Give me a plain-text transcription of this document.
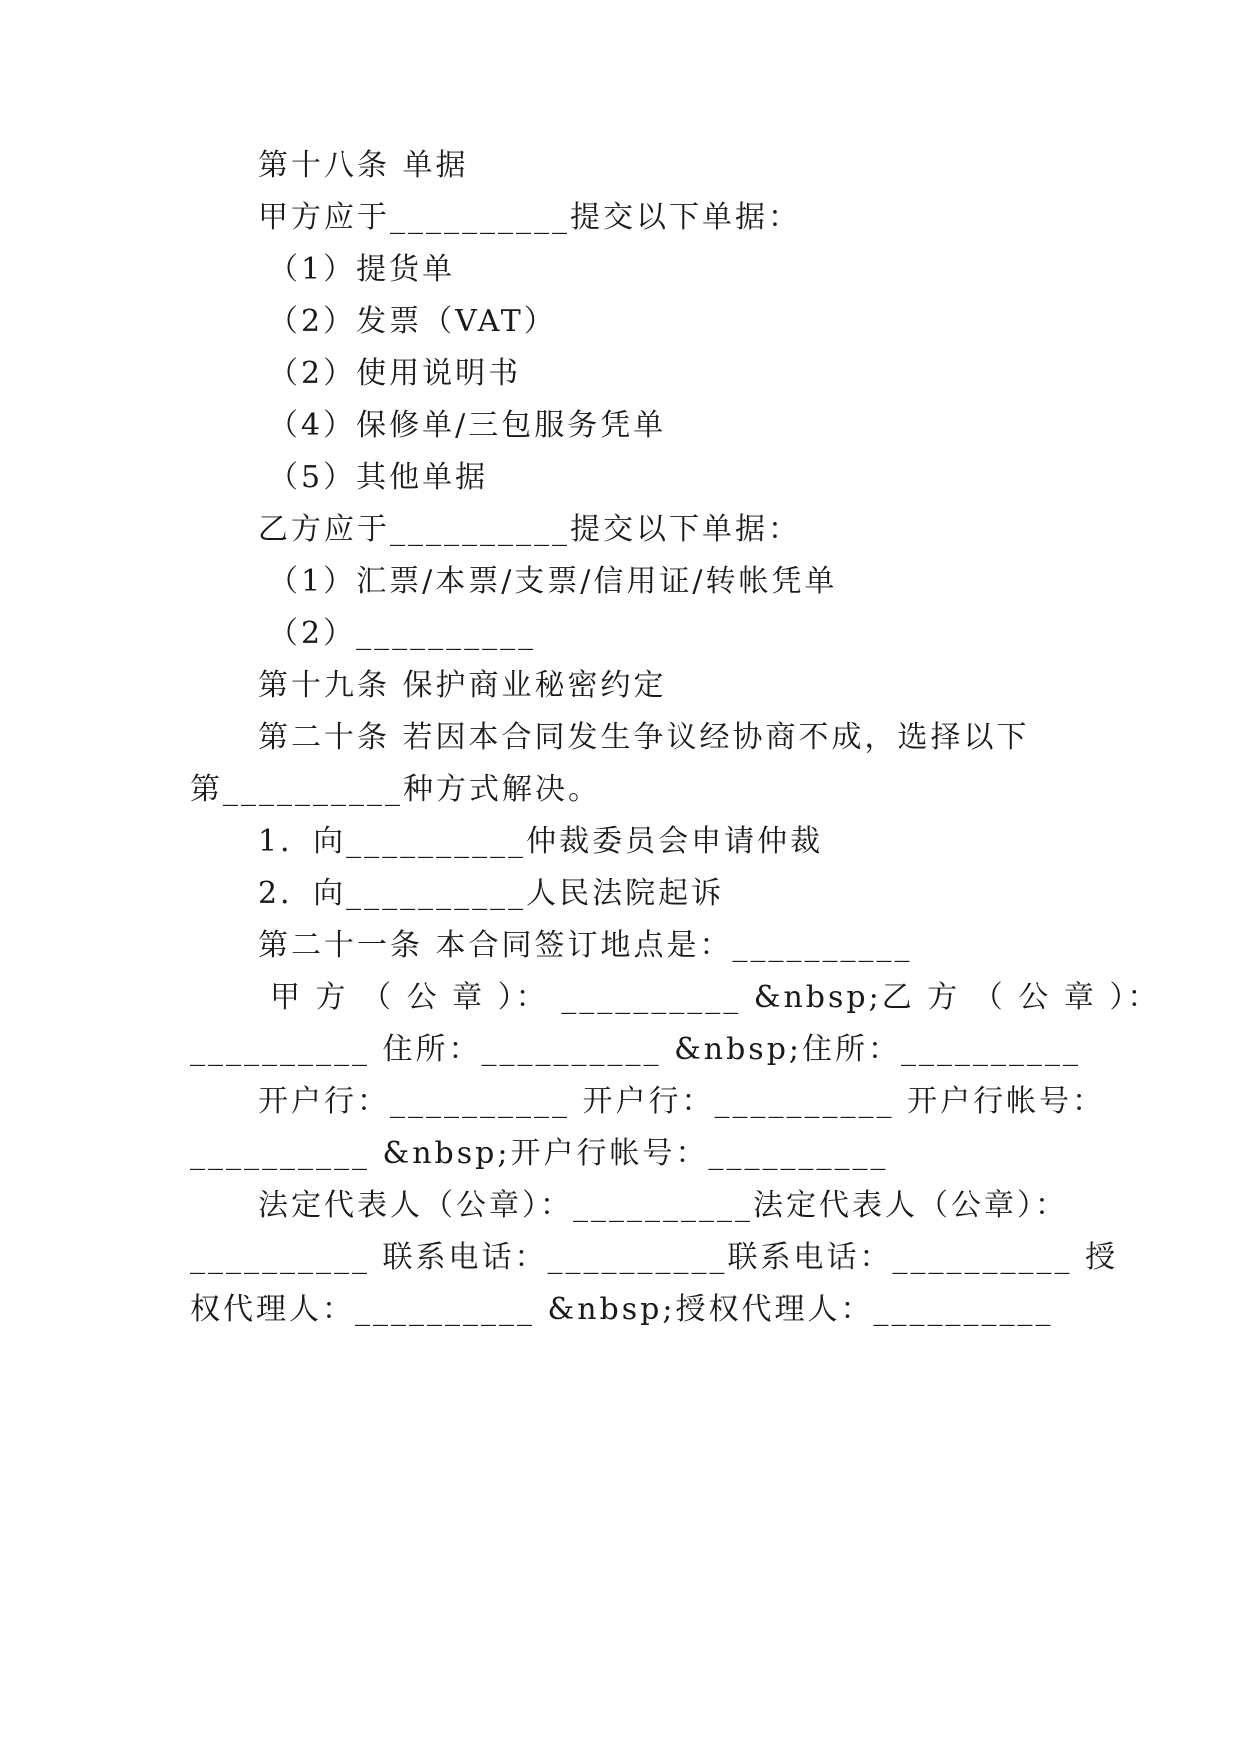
第十八条 单据
甲方应于__________提交以下单据：
（1）提货单
（2）发票（VAT）
（2）使用说明书
（4）保修单/三包服务凭单
（5）其他单据
乙方应于__________提交以下单据：
（1）汇票/本票/支票/信用证/转帐凭单
（2）__________
第十九条 保护商业秘密约定
第二十条 若因本合同发生争议经协商不成，选择以下
第__________种方式解决。
1．向__________仲裁委员会申请仲裁
2．向__________人民法院起诉
第二十一条 本合同签订地点是：__________
甲 方 （ 公 章 ）： __________ &nbsp;乙 方 （ 公 章 ）：
__________ 住所：__________ &nbsp;住所：__________
开户行：__________ 开户行：__________ 开户行帐号：
__________ &nbsp;开户行帐号：__________
法定代表人（公章）：__________法定代表人（公章）：
__________ 联系电话：__________联系电话：__________ 授
权代理人：__________ &nbsp;授权代理人：__________
